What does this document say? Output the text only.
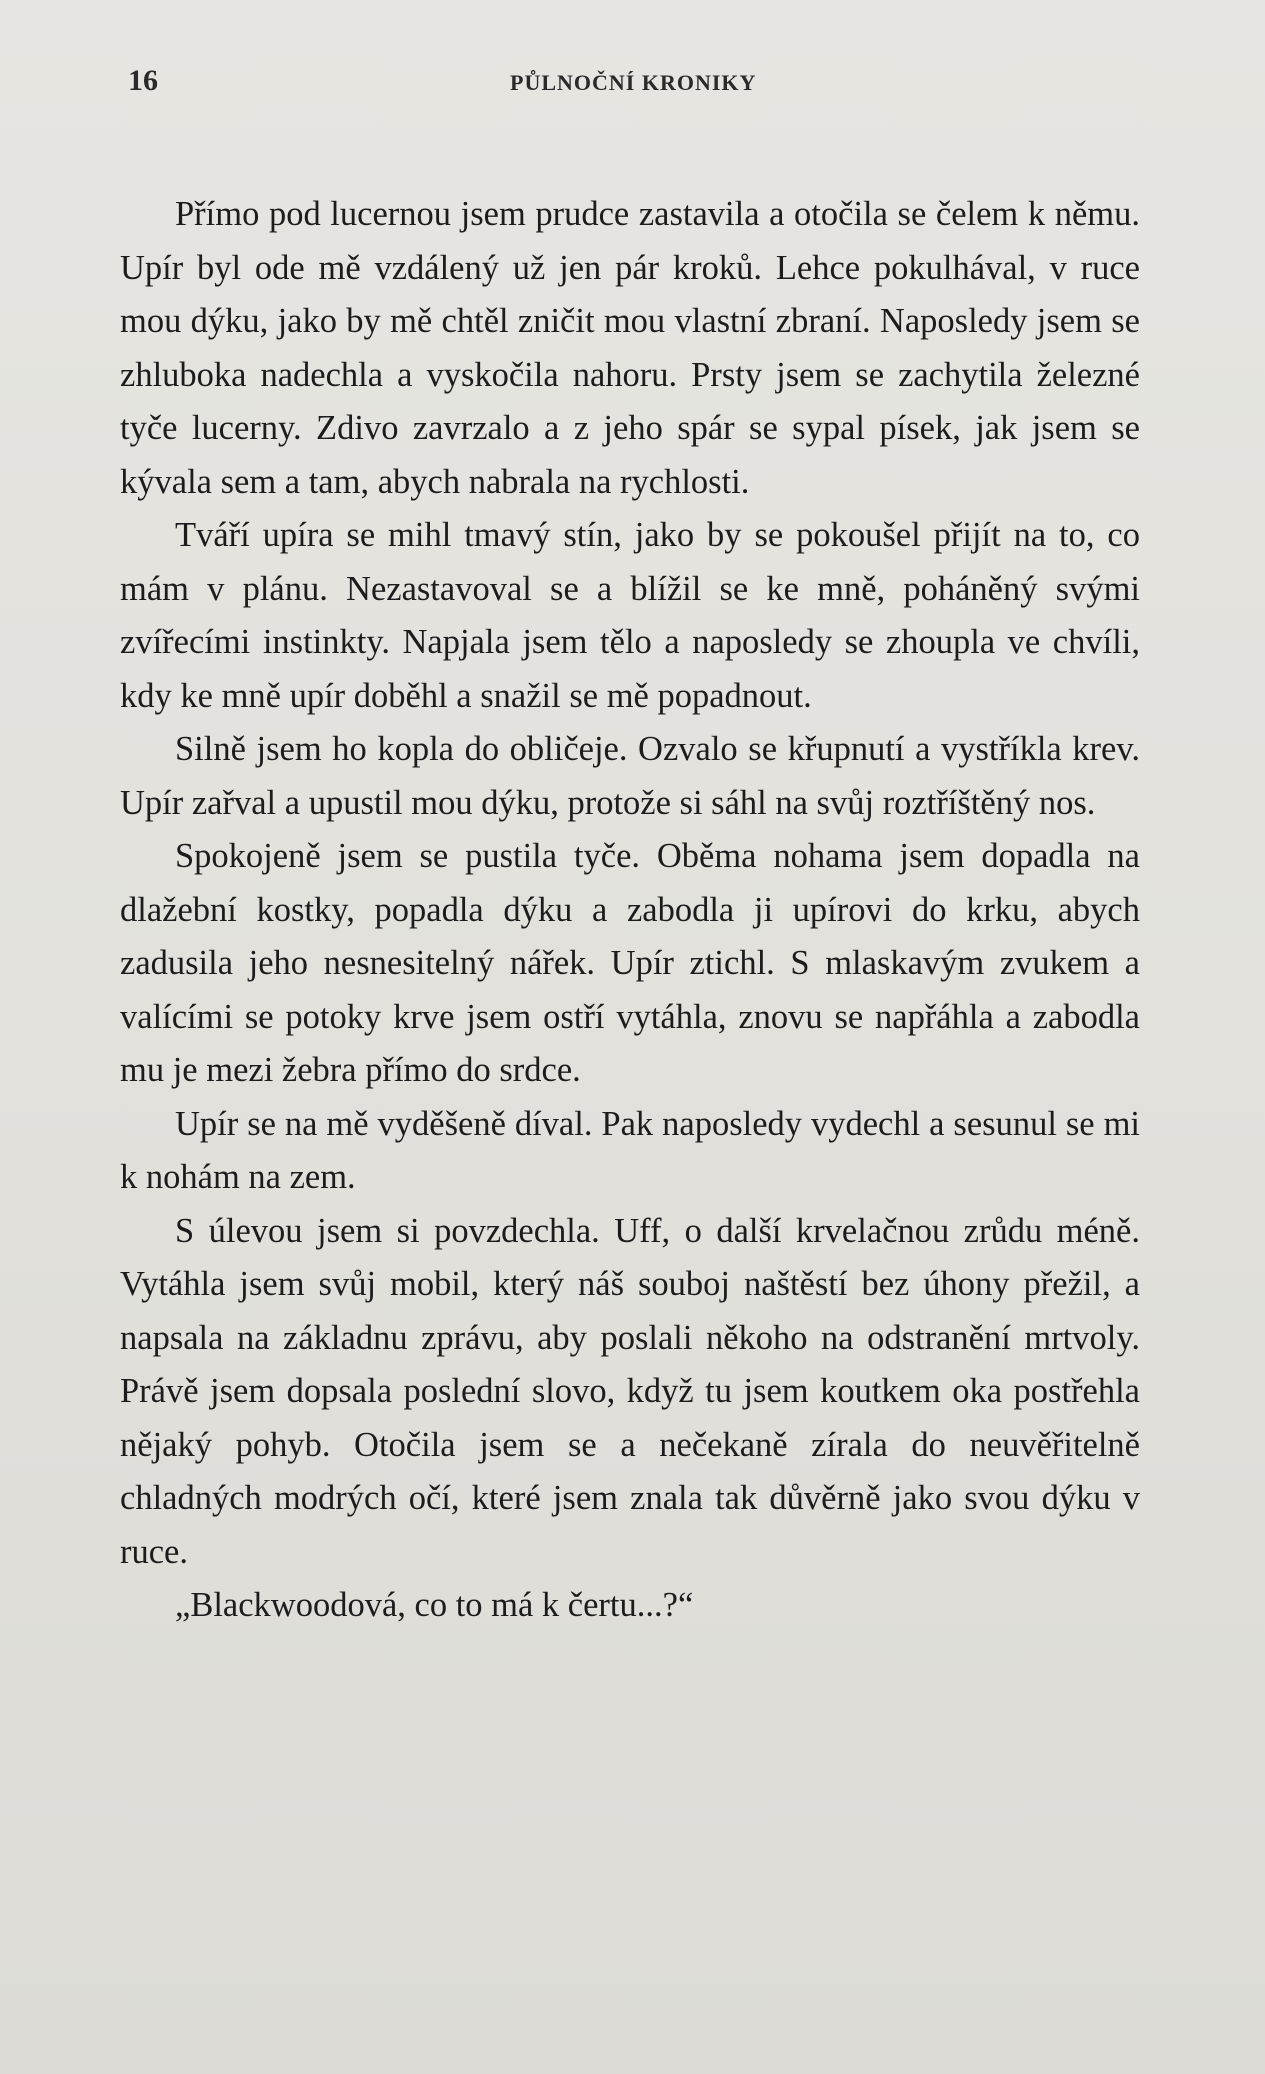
16	PŮLNOČNÍ KRONIKY

Přímo pod lucernou jsem prudce zastavila a otočila se čelem k němu. Upír byl ode mě vzdálený už jen pár kroků. Lehce pokulhával, v ruce mou dýku, jako by mě chtěl zničit mou vlastní zbraní. Naposledy jsem se zhluboka nadechla a vyskočila nahoru. Prsty jsem se zachytila železné tyče lucerny. Zdivo zavrzalo a z jeho spár se sypal písek, jak jsem se kývala sem a tam, abych nabrala na rychlosti.

Tváří upíra se mihl tmavý stín, jako by se pokoušel přijít na to, co mám v plánu. Nezastavoval se a blížil se ke mně, poháněný svými zvířecími instinkty. Napjala jsem tělo a naposledy se zhoupla ve chvíli, kdy ke mně upír doběhl a snažil se mě popadnout.

Silně jsem ho kopla do obličeje. Ozvalo se křupnutí a vystříkla krev. Upír zařval a upustil mou dýku, protože si sáhl na svůj roztříštěný nos.

Spokojeně jsem se pustila tyče. Oběma nohama jsem dopadla na dlažební kostky, popadla dýku a zabodla ji upírovi do krku, abych zadusila jeho nesnesitelný nářek. Upír ztichl. S mlaskavým zvukem a valícími se potoky krve jsem ostří vytáhla, znovu se napřáhla a zabodla mu je mezi žebra přímo do srdce.

Upír se na mě vyděšeně díval. Pak naposledy vydechl a sesunul se mi k nohám na zem.

S úlevou jsem si povzdechla. Uff, o další krvelačnou zrůdu méně. Vytáhla jsem svůj mobil, který náš souboj naštěstí bez úhony přežil, a napsala na základnu zprávu, aby poslali někoho na odstranění mrtvoly. Právě jsem dopsala poslední slovo, když tu jsem koutkem oka postřehla nějaký pohyb. Otočila jsem se a nečekaně zírala do neuvěřitelně chladných modrých očí, které jsem znala tak důvěrně jako svou dýku v ruce.

„Blackwoodová, co to má k čertu...?“
